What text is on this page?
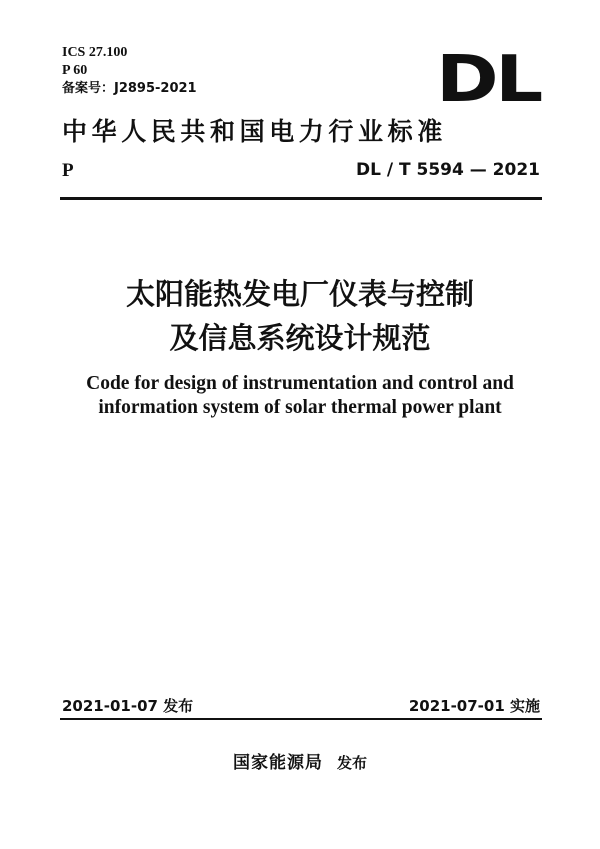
ICS 27.100
P 60
备案号：J2895-2021	DL
中华人民共和国电力行业标准
P	DL / T 5594 — 2021
太阳能热发电厂仪表与控制
及信息系统设计规范
Code for design of instrumentation and control and
information system of solar thermal power plant
2021-01-07 发布	2021-07-01 实施
国家能源局 发布
